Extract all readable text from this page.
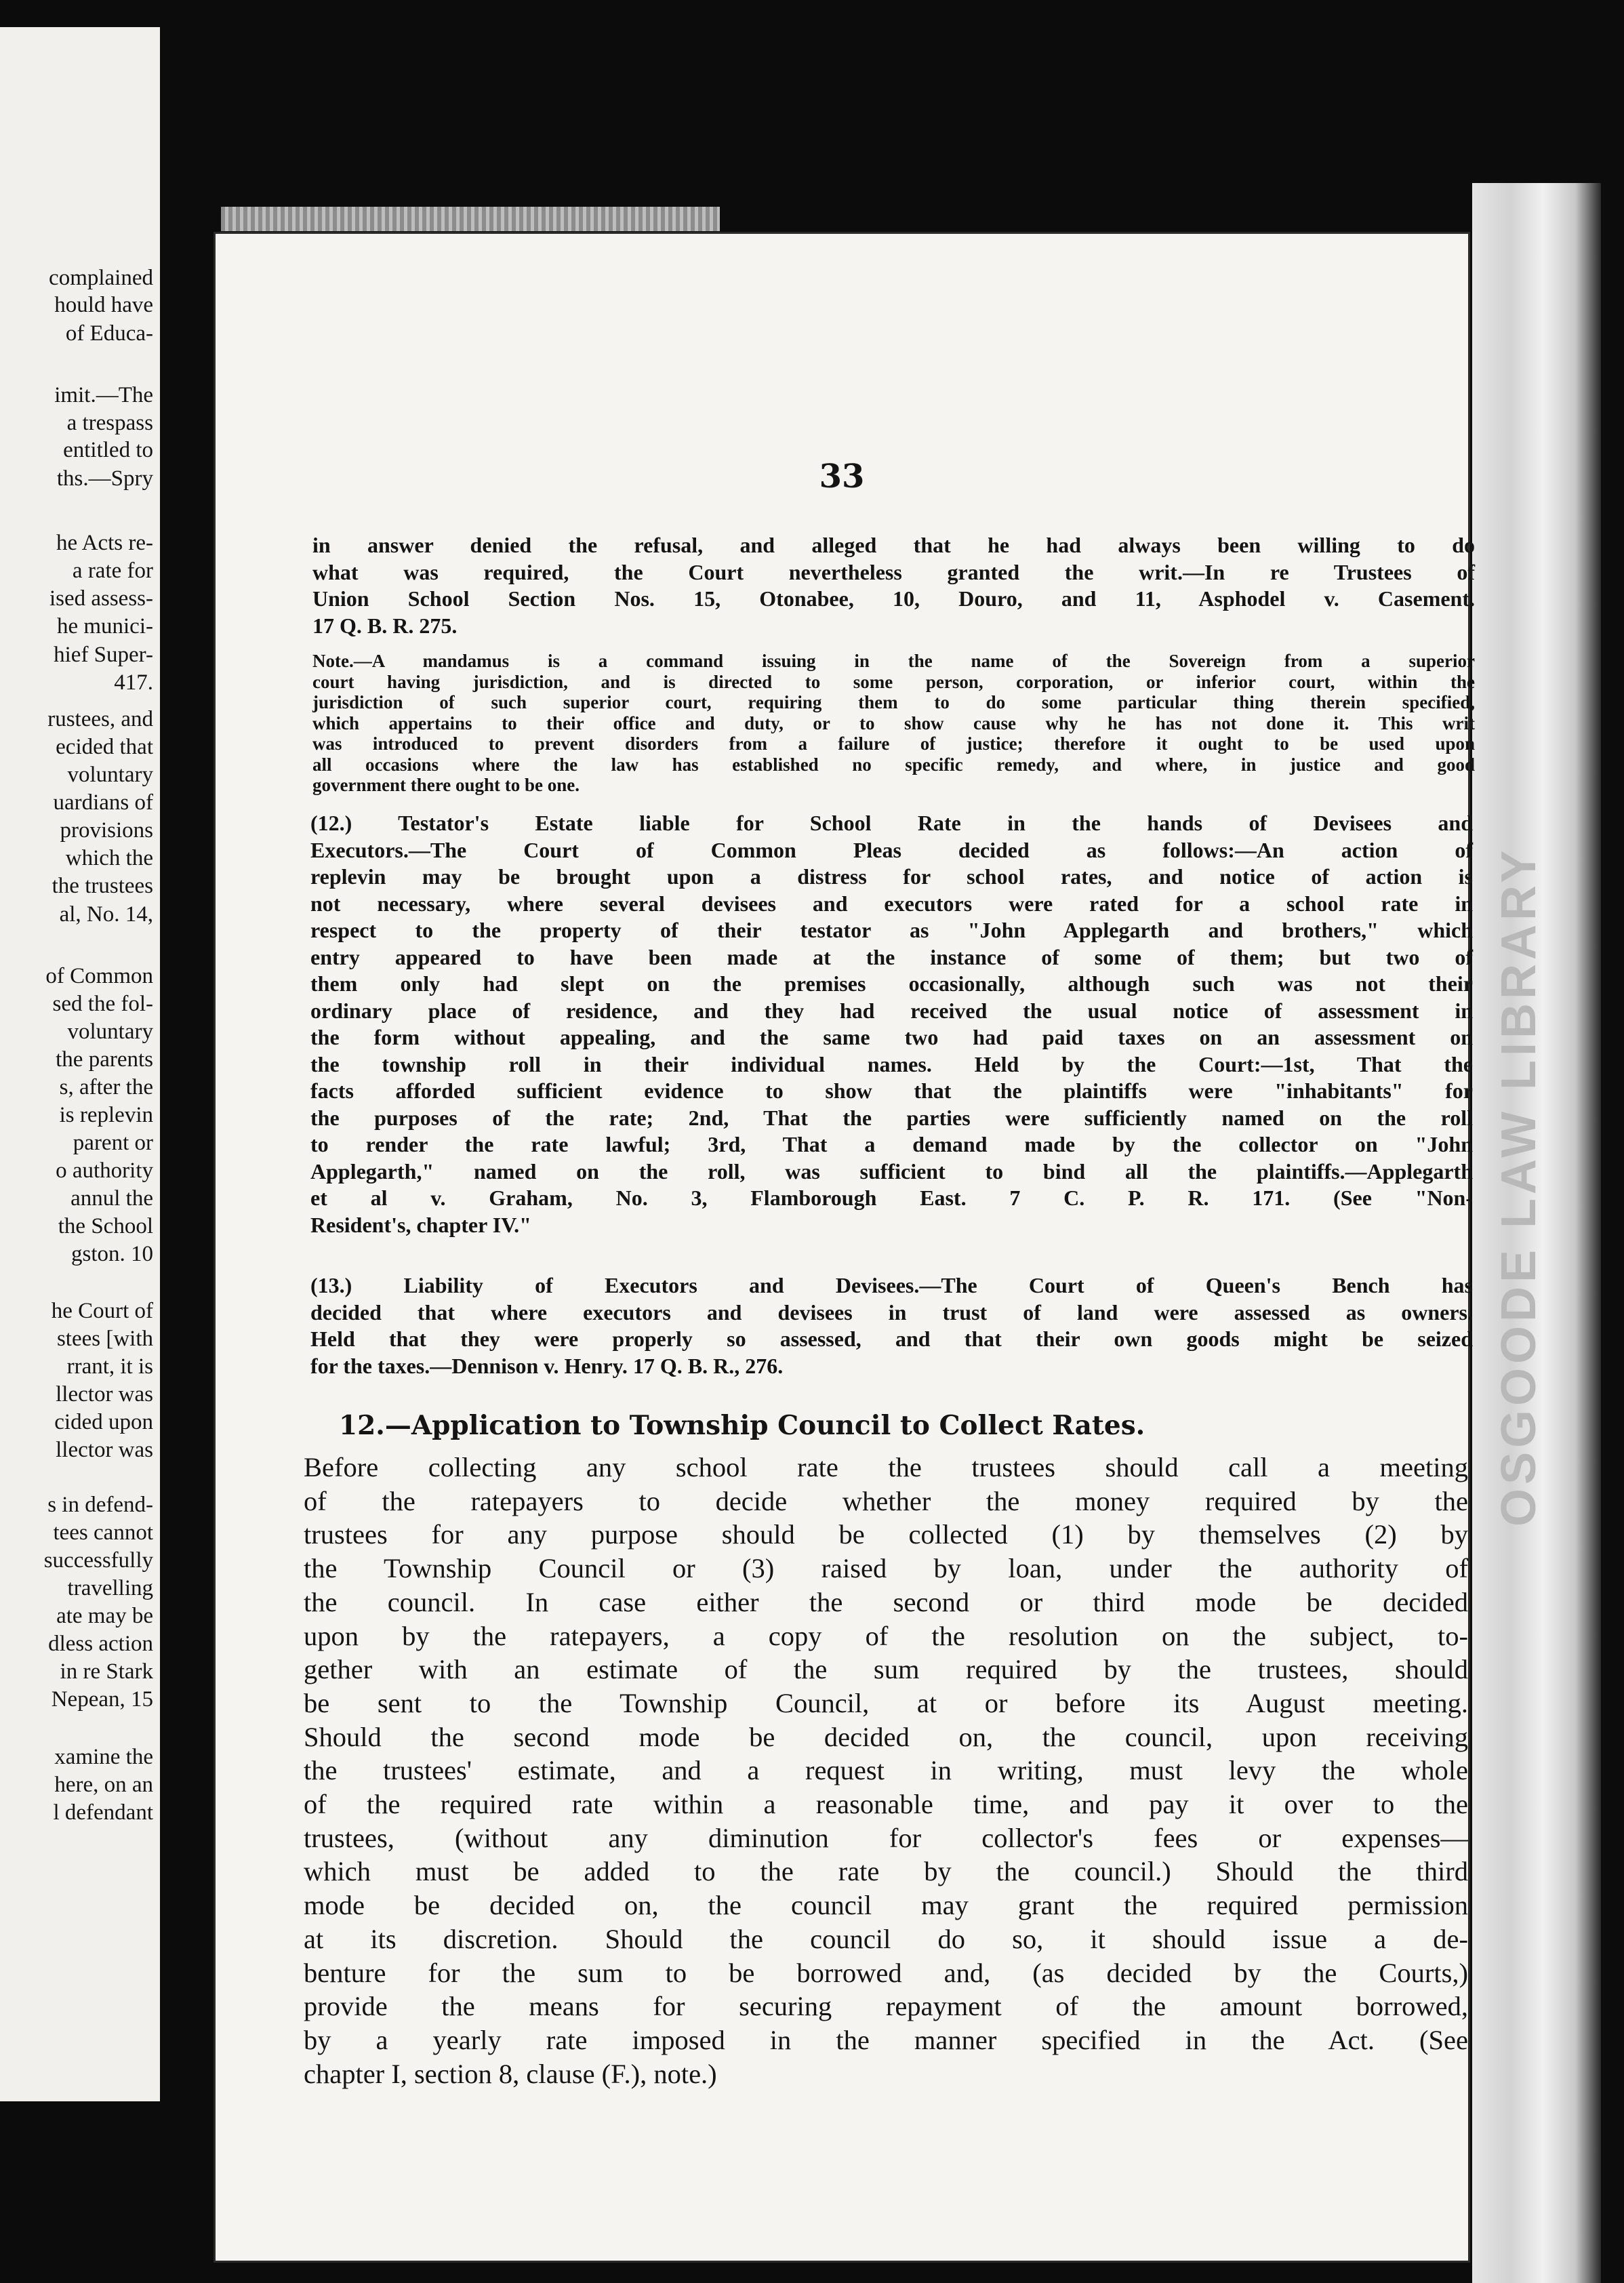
complained
hould have
of Educa-
imit.—The
a trespass
entitled to
ths.—Spry
he Acts re-
a rate for
ised assess-
he munici-
hief Super-
417.
rustees, and
ecided that
voluntary
uardians of
provisions
which the
the trustees
al, No. 14,
of Common
sed the fol-
voluntary
the parents
s, after the
is replevin
parent or
o authority
annul the
the School
gston. 10
he Court of
stees [with
rrant, it is
llector was
cided upon
llector was
s in defend-
tees cannot
successfully
travelling
ate may be
dless action
in re Stark
Nepean, 15
xamine the
here, on an
l defendant
OSGOODE LAW LIBRARY
33
in answer denied the refusal, and alleged that he had always been willing to do
what was required, the Court nevertheless granted the writ.—In re Trustees of
Union School Section Nos. 15, Otonabee, 10, Douro, and 11, Asphodel v. Casement.
17 Q. B. R. 275.
Note.—A mandamus is a command issuing in the name of the Sovereign from a superior
court having jurisdiction, and is directed to some person, corporation, or inferior court, within the
jurisdiction of such superior court, requiring them to do some particular thing therein specified,
which appertains to their office and duty, or to show cause why he has not done it. This writ
was introduced to prevent disorders from a failure of justice; therefore it ought to be used upon
all occasions where the law has established no specific remedy, and where, in justice and good
government there ought to be one.
(12.) Testator's Estate liable for School Rate in the hands of Devisees and
Executors.—The Court of Common Pleas decided as follows:—An action of
replevin may be brought upon a distress for school rates, and notice of action is
not necessary, where several devisees and executors were rated for a school rate in
respect to the property of their testator as "John Applegarth and brothers," which
entry appeared to have been made at the instance of some of them; but two of
them only had slept on the premises occasionally, although such was not their
ordinary place of residence, and they had received the usual notice of assessment in
the form without appealing, and the same two had paid taxes on an assessment on
the township roll in their individual names. Held by the Court:—1st, That the
facts afforded sufficient evidence to show that the plaintiffs were "inhabitants" for
the purposes of the rate; 2nd, That the parties were sufficiently named on the roll
to render the rate lawful; 3rd, That a demand made by the collector on "John
Applegarth," named on the roll, was sufficient to bind all the plaintiffs.—Applegarth
et al v. Graham, No. 3, Flamborough East. 7 C. P. R. 171. (See "Non-
Resident's, chapter IV."
(13.) Liability of Executors and Devisees.—The Court of Queen's Bench has
decided that where executors and devisees in trust of land were assessed as owners.
Held that they were properly so assessed, and that their own goods might be seized
for the taxes.—Dennison v. Henry. 17 Q. B. R., 276.
12.—Application to Township Council to Collect Rates.
Before collecting any school rate the trustees should call a meeting
of the ratepayers to decide whether the money required by the
trustees for any purpose should be collected (1) by themselves (2) by
the Township Council or (3) raised by loan, under the authority of
the council. In case either the second or third mode be decided
upon by the ratepayers, a copy of the resolution on the subject, to-
gether with an estimate of the sum required by the trustees, should
be sent to the Township Council, at or before its August meeting.
Should the second mode be decided on, the council, upon receiving
the trustees' estimate, and a request in writing, must levy the whole
of the required rate within a reasonable time, and pay it over to the
trustees, (without any diminution for collector's fees or expenses—
which must be added to the rate by the council.) Should the third
mode be decided on, the council may grant the required permission
at its discretion. Should the council do so, it should issue a de-
benture for the sum to be borrowed and, (as decided by the Courts,)
provide the means for securing repayment of the amount borrowed,
by a yearly rate imposed in the manner specified in the Act. (See
chapter I, section 8, clause (F.), note.)
